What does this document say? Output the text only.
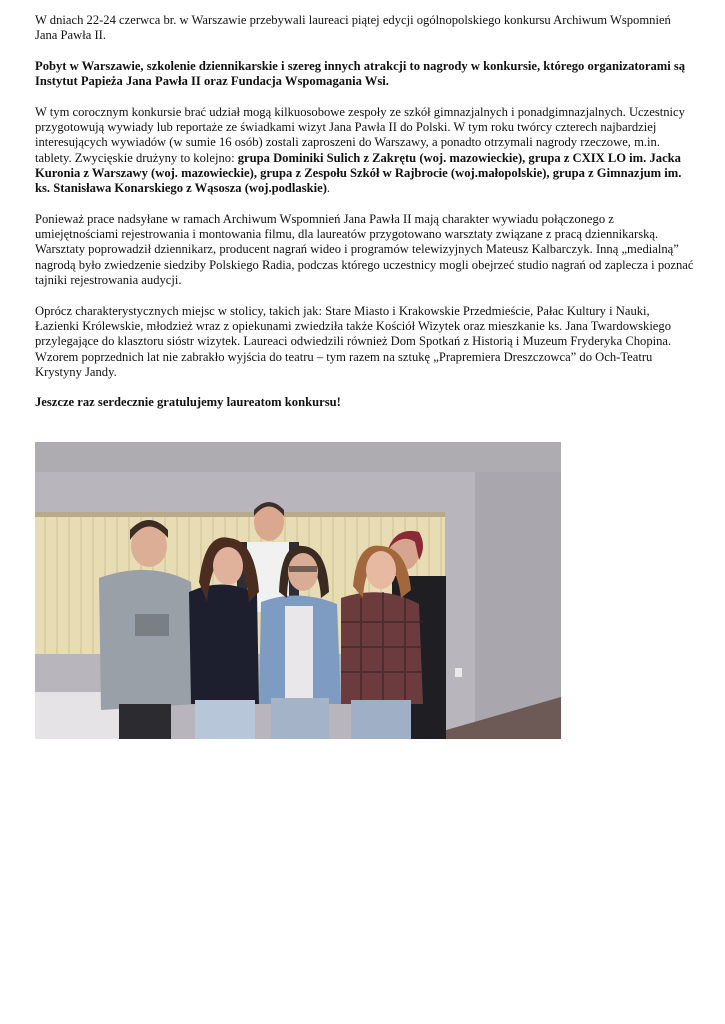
W dniach 22-24 czerwca br. w Warszawie przebywali laureaci piątej edycji ogólnopolskiego konkursu Archiwum Wspomnień Jana Pawła II.

Pobyt w Warszawie, szkolenie dziennikarskie i szereg innych atrakcji to nagrody w konkursie, którego organizatorami są Instytut Papieża Jana Pawła II oraz Fundacja Wspomagania Wsi.

W tym corocznym konkursie brać udział mogą kilkuosobowe zespoły ze szkół gimnazjalnych i ponadgimnazjalnych. Uczestnicy przygotowują wywiady lub reportaże ze świadkami wizyt Jana Pawła II do Polski. W tym roku twórcy czterech najbardziej interesujących wywiadów (w sumie 16 osób) zostali zaproszeni do Warszawy, a ponadto otrzymali nagrody rzeczowe, m.in. tablety. Zwycięskie drużyny to kolejno: grupa Dominiki Sulich z Zakrętu (woj. mazowieckie), grupa z CXIX LO im. Jacka Kuronia z Warszawy (woj. mazowieckie), grupa z Zespołu Szkół w Rajbrocie (woj.małopolskie), grupa z Gimnazjum im. ks. Stanisława Konarskiego z Wąsosza (woj.podlaskie).

Ponieważ prace nadsyłane w ramach Archiwum Wspomnień Jana Pawła II mają charakter wywiadu połączonego z umiejętnościami rejestrowania i montowania filmu, dla laureatów przygotowano warsztaty związane z pracą dziennikarską. Warsztaty poprowadził dziennikarz, producent nagrań wideo i programów telewizyjnych Mateusz Kalbarczyk. Inną „medialną” nagrodą było zwiedzenie siedziby Polskiego Radia, podczas którego uczestnicy mogli obejrzeć studio nagrań od zaplecza i poznać tajniki rejestrowania audycji.

Oprócz charakterystycznych miejsc w stolicy, takich jak: Stare Miasto i Krakowskie Przedmieście, Pałac Kultury i Nauki, Łazienki Królewskie, młodzież wraz z opiekunami zwiedziła także Kościół Wizytek oraz mieszkanie ks. Jana Twardowskiego przylegające do klasztoru sióstr wizytek. Laureaci odwiedzili również Dom Spotkań z Historią i Muzeum Fryderyka Chopina. Wzorem poprzednich lat nie zabrakło wyjścia do teatru – tym razem na sztukę „Prapremiera Dreszczowca” do Och-Teatru Krystyny Jandy.

Jeszcze raz serdecznie gratulujemy laureatom konkursu!
